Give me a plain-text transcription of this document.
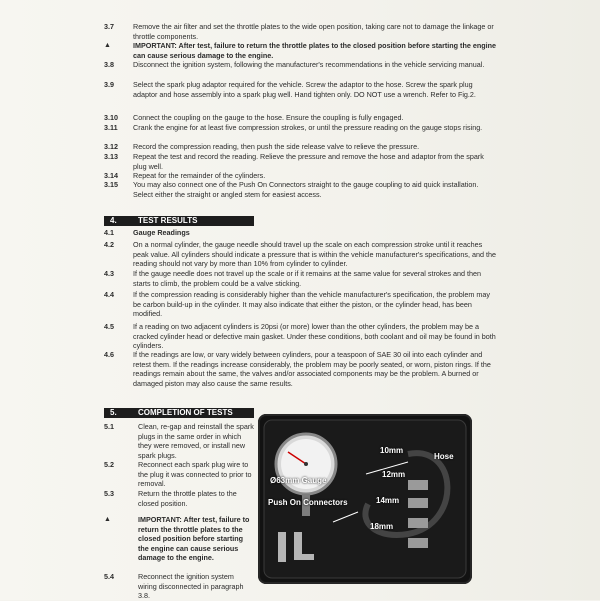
3.7	Remove the air filter and set the throttle plates to the wide open position, taking care not to damage the linkage or throttle components.
▲	IMPORTANT: After test, failure to return the throttle plates to the closed position before starting the engine can cause serious damage to the engine.
3.8	Disconnect the ignition system, following the manufacturer's recommendations in the vehicle servicing manual.
3.9	Select the spark plug adaptor required for the vehicle. Screw the adaptor to the hose. Screw the spark plug adaptor and hose assembly into a spark plug well. Hand tighten only. DO NOT use a wrench. Refer to Fig.2.
3.10	Connect the coupling on the gauge to the hose. Ensure the coupling is fully engaged.
3.11	Crank the engine for at least five compression strokes, or until the pressure reading on the gauge stops rising.
3.12	Record the compression reading, then push the side release valve to relieve the pressure.
3.13	Repeat the test and record the reading. Relieve the pressure and remove the hose and adaptor from the spark plug well.
3.14	Repeat for the remainder of the cylinders.
3.15	You may also connect one of the Push On Connectors straight to the gauge coupling to aid quick installation. Select either the straight or angled stem for easiest access.
4.	TEST RESULTS
4.1	Gauge Readings
4.2	On a normal cylinder, the gauge needle should travel up the scale on each compression stroke until it reaches peak value. All cylinders should indicate a pressure that is within the vehicle manufacturer's specifications, and the reading should not vary by more than 10% from cylinder to cylinder.
4.3	If the gauge needle does not travel up the scale or if it remains at the same value for several strokes and then starts to climb, the problem could be a valve sticking.
4.4	If the compression reading is considerably higher than the vehicle manufacturer's specification, the problem may be carbon build-up in the cylinder. It may also indicate that either the piston, or the cylinder head, has been modified.
4.5	If a reading on two adjacent cylinders is 20psi (or more) lower than the other cylinders, the problem may be a cracked cylinder head or defective main gasket. Under these conditions, both coolant and oil may be found in both cylinders.
4.6	If the readings are low, or vary widely between cylinders, pour a teaspoon of SAE 30 oil into each cylinder and retest them. If the readings increase considerably, the problem may be poorly seated, or worn, piston rings. If the readings remain about the same, the valves and/or associated components may be the problem. A burned or damaged piston may also cause the same results.
5.	COMPLETION OF TESTS
5.1	Clean, re-gap and reinstall the spark plugs in the same order in which they were removed, or install new spark plugs.
5.2	Reconnect each spark plug wire to the plug it was connected to prior to removal.
5.3	Return the throttle plates to the closed position.
▲	IMPORTANT: After test, failure to return the throttle plates to the closed position before starting the engine can cause serious damage to the engine.
5.4	Reconnect the ignition system wiring disconnected in paragraph 3.8.
10mm
Hose
12mm
Ø63mm Gauge
Push On Connectors	14mm
18mm
